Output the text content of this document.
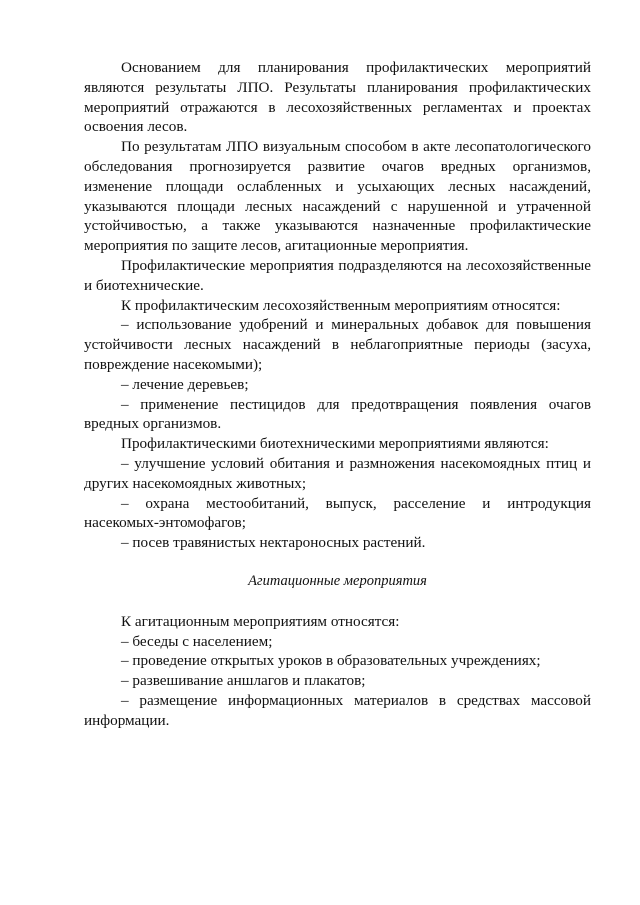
Основанием для планирования профилактических мероприятий являются результаты ЛПО. Результаты планирования профилактических мероприятий отражаются в лесохозяйственных регламентах и проектах освоения лесов.

По результатам ЛПО визуальным способом в акте лесопатологического обследования прогнозируется развитие очагов вредных организмов, изменение площади ослабленных и усыхающих лесных насаждений, указываются площади лесных насаждений с нарушенной и утраченной устойчивостью, а также указываются назначенные профилактические мероприятия по защите лесов, агитационные мероприятия.

Профилактические мероприятия подразделяются на лесохозяйственные и биотехнические.

К профилактическим лесохозяйственным мероприятиям относятся:

– использование удобрений и минеральных добавок для повышения устойчивости лесных насаждений в неблагоприятные периоды (засуха, повреждение насекомыми);

– лечение деревьев;

– применение пестицидов для предотвращения появления очагов вредных организмов.

Профилактическими биотехническими мероприятиями являются:

– улучшение условий обитания и размножения насекомоядных птиц и других насекомоядных животных;

– охрана местообитаний, выпуск, расселение и интродукция насекомых-энтомофагов;

– посев травянистых нектароносных растений.

Агитационные мероприятия

К агитационным мероприятиям относятся:

– беседы с населением;

– проведение открытых уроков в образовательных учреждениях;

– развешивание аншлагов и плакатов;

– размещение информационных материалов в средствах массовой информации.
